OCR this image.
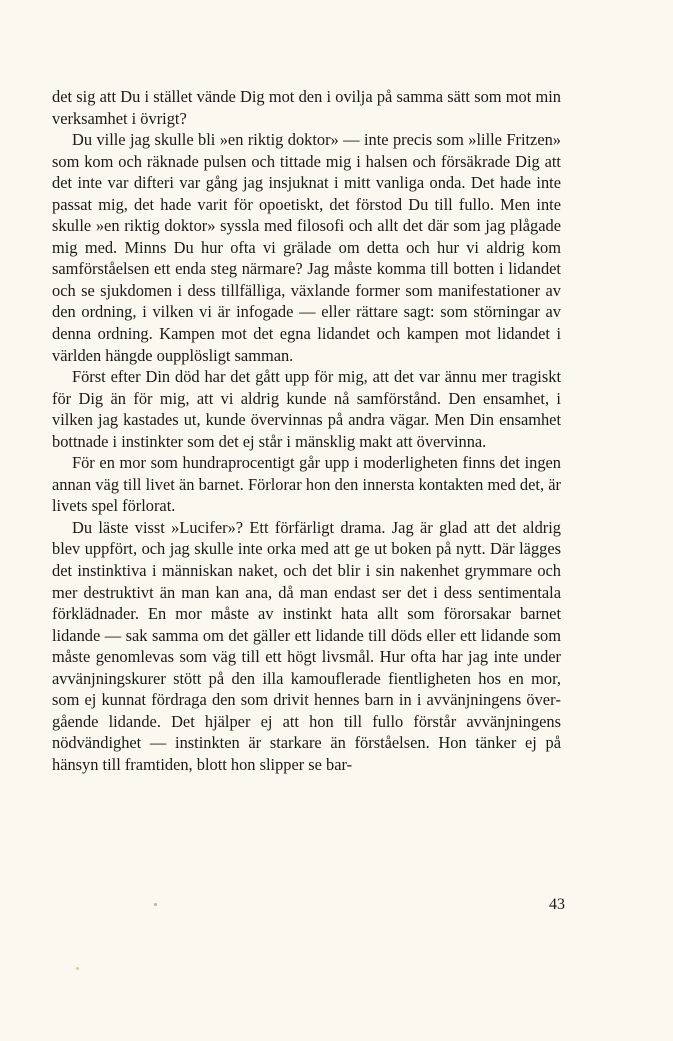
det sig att Du i stället vände Dig mot den i ovilja på samma sätt som mot min verksamhet i övrigt?

Du ville jag skulle bli »en riktig doktor» — inte precis som »lille Fritzen» som kom och räknade pulsen och tittade mig i halsen och försäkrade Dig att det inte var difteri var gång jag insjuknat i mitt vanliga onda. Det hade inte passat mig, det hade varit för opoetiskt, det förstod Du till fullo. Men inte skulle »en riktig doktor» syssla med filosofi och allt det där som jag plågade mig med. Minns Du hur ofta vi grälade om detta och hur vi aldrig kom samförståelsen ett enda steg närmare? Jag måste komma till botten i lidandet och se sjukdomen i dess tillfälliga, växlande former som manifestationer av den ordning, i vilken vi är infogade — eller rättare sagt: som störningar av denna ordning. Kampen mot det egna lidandet och kampen mot lidandet i världen hängde oupplösligt samman.

Först efter Din död har det gått upp för mig, att det var ännu mer tragiskt för Dig än för mig, att vi aldrig kunde nå samförstånd. Den ensamhet, i vilken jag kastades ut, kunde övervinnas på andra vägar. Men Din ensamhet bottnade i instinkter som det ej står i mänsklig makt att övervinna.

För en mor som hundraprocentigt går upp i moderligheten finns det ingen annan väg till livet än barnet. Förlorar hon den innersta kontakten med det, är livets spel förlorat.

Du läste visst »Lucifer»? Ett förfärligt drama. Jag är glad att det aldrig blev uppfört, och jag skulle inte orka med att ge ut boken på nytt. Där lägges det instinktiva i människan naket, och det blir i sin nakenhet grymmare och mer destruktivt än man kan ana, då man endast ser det i dess sentimentala förklädnader. En mor måste av instinkt hata allt som förorsakar barnet lidande — sak samma om det gäller ett lidande till döds eller ett lidande som måste genomlevas som väg till ett högt livsmål. Hur ofta har jag inte under avvänjningskurer stött på den illa kamouflerade fientligheten hos en mor, som ej kunnat fördraga den som drivit hennes barn in i avvänjningens övergående lidande. Det hjälper ej att hon till fullo förstår avvänjningens nödvändighet — instinkten är starkare än förståelsen. Hon tänker ej på hänsyn till framtiden, blott hon slipper se bar-

43
